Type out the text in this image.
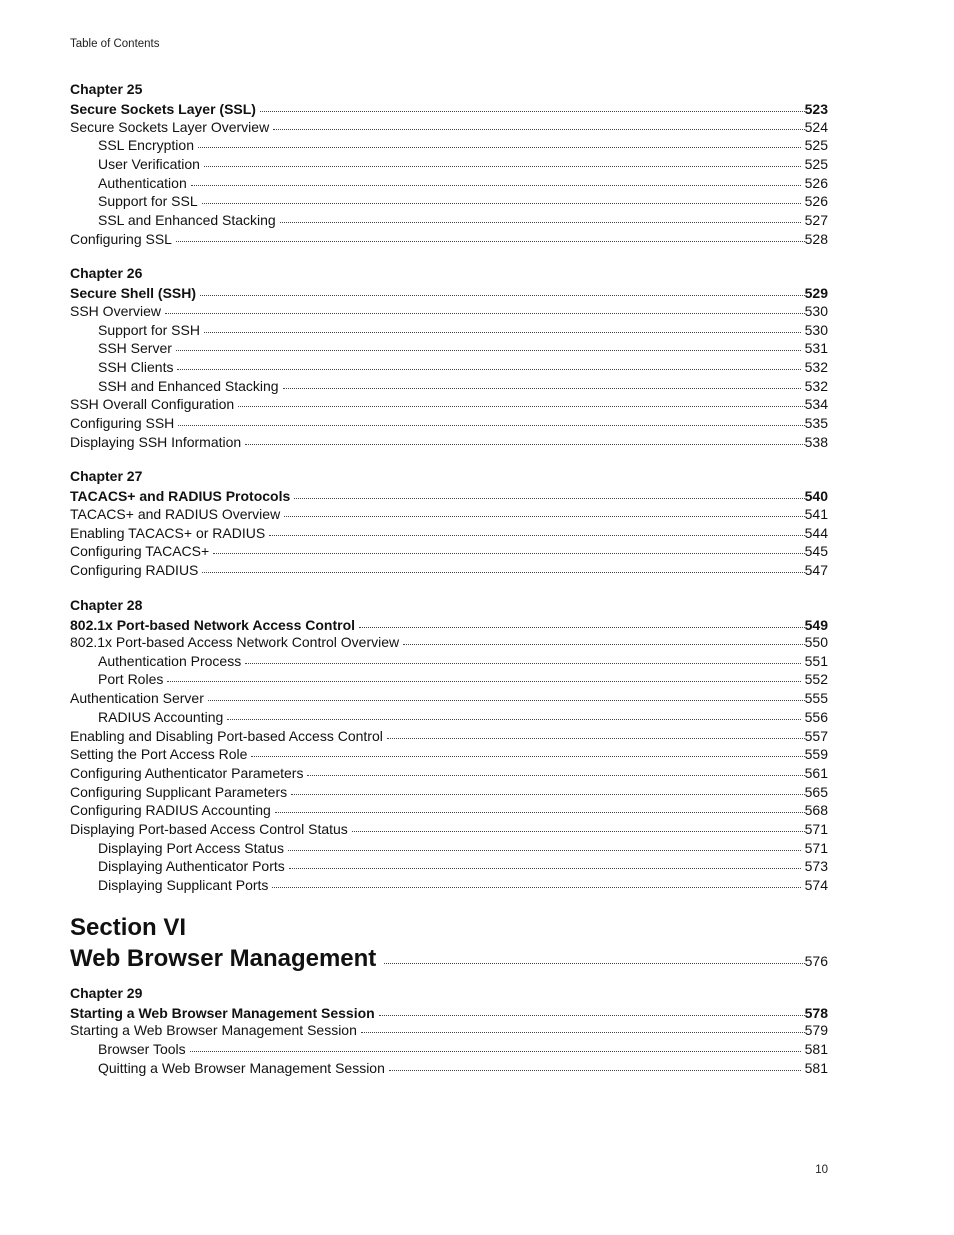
Table of Contents
Chapter 25
Secure Sockets Layer (SSL)	523
Secure Sockets Layer Overview	524
SSL Encryption	525
User Verification	525
Authentication	526
Support for SSL	526
SSL and Enhanced Stacking	527
Configuring SSL	528
Chapter 26
Secure Shell (SSH)	529
SSH Overview	530
Support for SSH	530
SSH Server	531
SSH Clients	532
SSH and Enhanced Stacking	532
SSH Overall Configuration	534
Configuring SSH	535
Displaying SSH Information	538
Chapter 27
TACACS+ and RADIUS Protocols	540
TACACS+ and RADIUS Overview	541
Enabling TACACS+ or RADIUS	544
Configuring TACACS+	545
Configuring RADIUS	547
Chapter 28
802.1x Port-based Network Access Control	549
802.1x Port-based Access Network Control Overview	550
Authentication Process	551
Port Roles	552
Authentication Server	555
RADIUS Accounting	556
Enabling and Disabling Port-based Access Control	557
Setting the Port Access Role	559
Configuring Authenticator Parameters	561
Configuring Supplicant Parameters	565
Configuring RADIUS Accounting	568
Displaying Port-based Access Control Status	571
Displaying Port Access Status	571
Displaying Authenticator Ports	573
Displaying Supplicant Ports	574
Section VI
Web Browser Management	576
Chapter 29
Starting a Web Browser Management Session	578
Starting a Web Browser Management Session	579
Browser Tools	581
Quitting a Web Browser Management Session	581
10
